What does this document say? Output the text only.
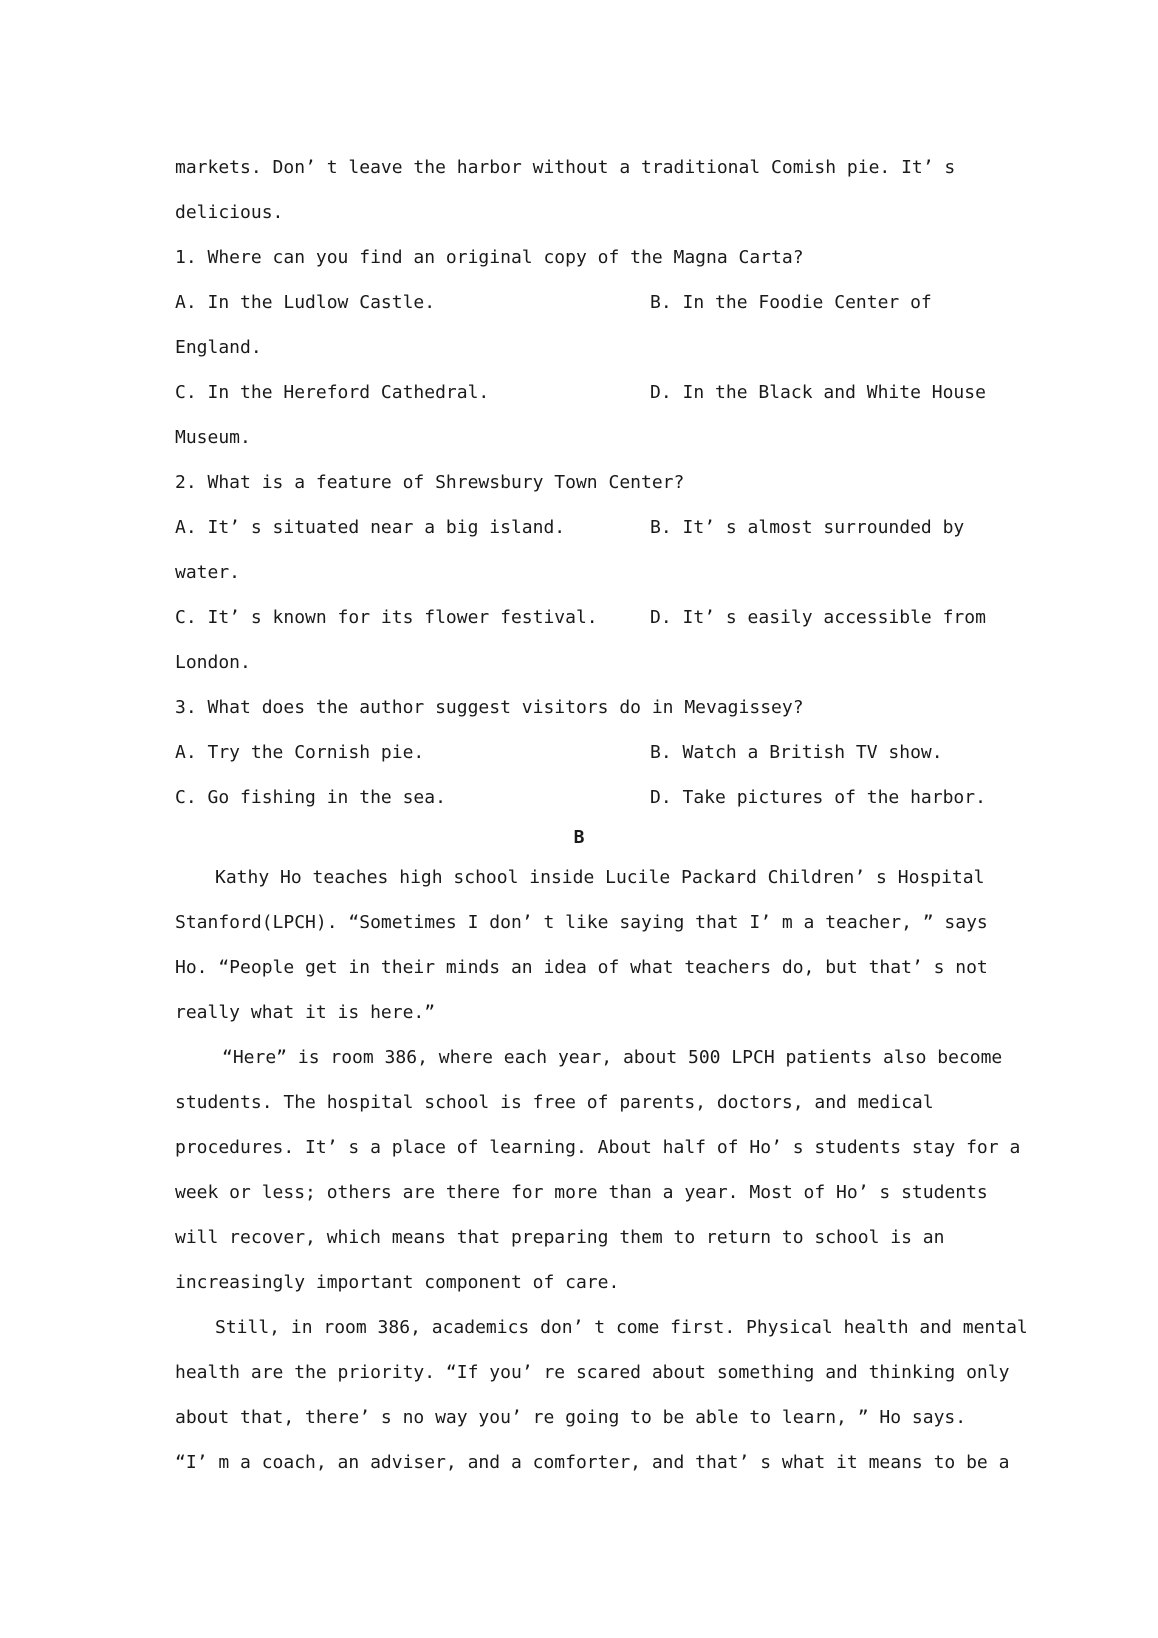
markets. Don’ t leave the harbor without a traditional Comish pie. It’ s
delicious.
1. Where can you find an original copy of the Magna Carta?
A. In the Ludlow Castle.	B. In the Foodie Center of
England.
C. In the Hereford Cathedral.	D. In the Black and White House
Museum.
2. What is a feature of Shrewsbury Town Center?
A. It’ s situated near a big island.	B. It’ s almost surrounded by
water.
C. It’ s known for its flower festival.	D. It’ s easily accessible from
London.
3. What does the author suggest visitors do in Mevagissey?
A. Try the Cornish pie.	B. Watch a British TV show.
C. Go fishing in the sea.	D. Take pictures of the harbor.
B
Kathy Ho teaches high school inside Lucile Packard Children’ s Hospital
Stanford(LPCH). “Sometimes I don’ t like saying that I’ m a teacher, ” says
Ho. “People get in their minds an idea of what teachers do, but that’ s not
really what it is here.”
“Here” is room 386, where each year, about 500 LPCH patients also become
students. The hospital school is free of parents, doctors, and medical
procedures. It’ s a place of learning. About half of Ho’ s students stay for a
week or less; others are there for more than a year. Most of Ho’ s students
will recover, which means that preparing them to return to school is an
increasingly important component of care.
Still, in room 386, academics don’ t come first. Physical health and mental
health are the priority. “If you’ re scared about something and thinking only
about that, there’ s no way you’ re going to be able to learn, ” Ho says.
“I’ m a coach, an adviser, and a comforter, and that’ s what it means to be a
